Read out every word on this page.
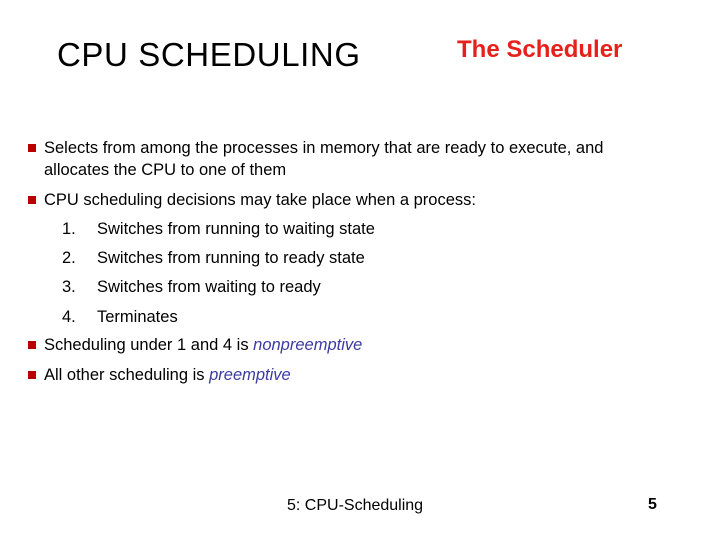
CPU SCHEDULING	The Scheduler
Selects from among the processes in memory that are ready to execute, and allocates the CPU to one of them
CPU scheduling decisions may take place when a process:
1. Switches from running to waiting state
2. Switches from running to ready state
3. Switches from waiting to ready
4. Terminates
Scheduling under 1 and 4 is nonpreemptive
All other scheduling is preemptive
5: CPU-Scheduling	5
